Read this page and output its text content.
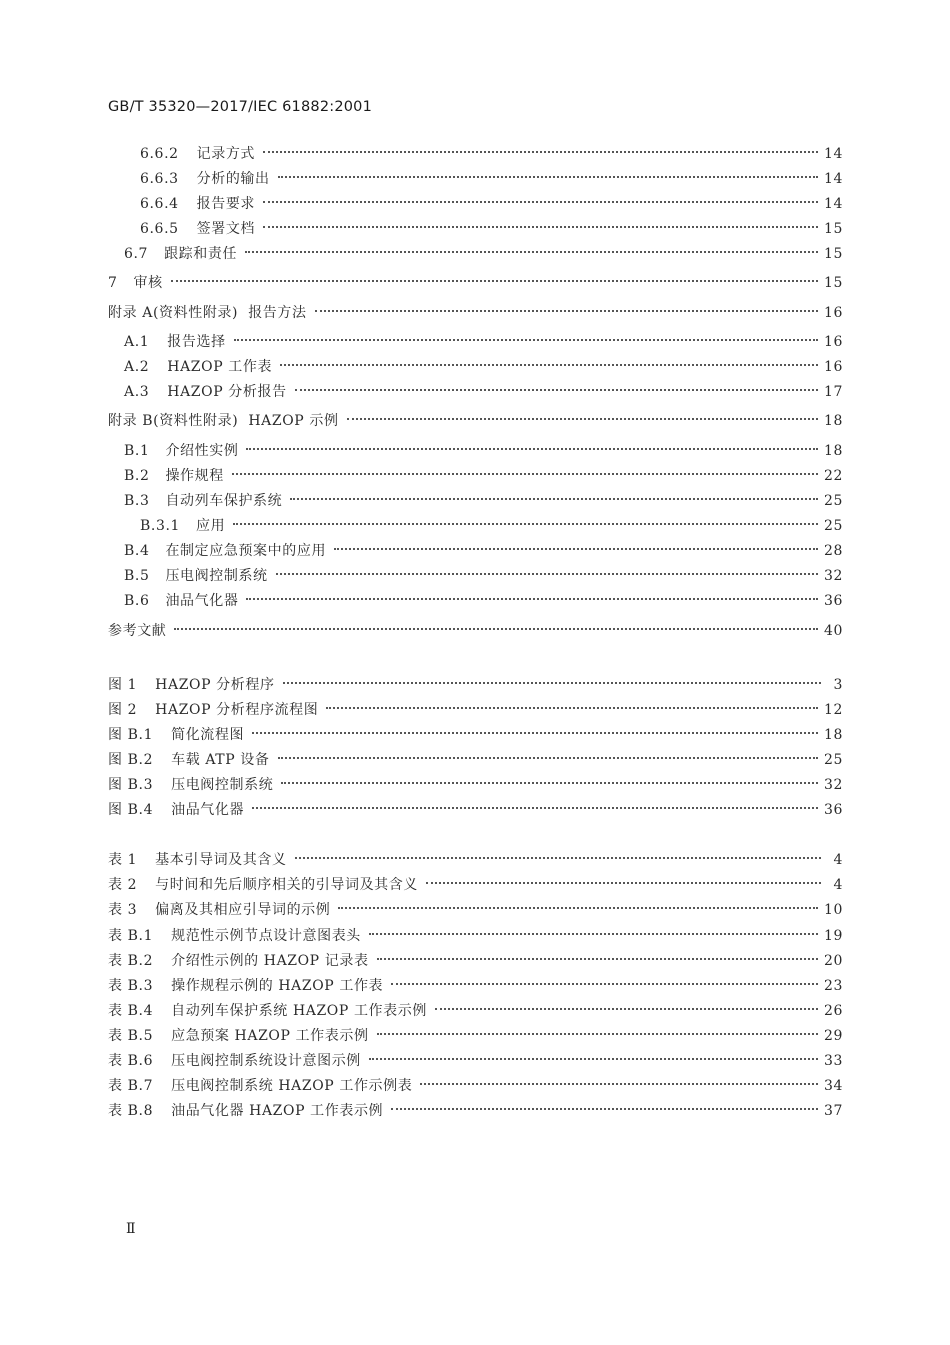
GB/T 35320—2017/IEC 61882:2001
6.6.2 记录方式	14
6.6.3 分析的输出	14
6.6.4 报告要求	14
6.6.5 签署文档	15
6.7 跟踪和责任	15
7 审核	15
附录 A (资料性附录)  报告方法	16
A.1 报告选择	16
A.2 HAZOP 工作表	16
A.3 HAZOP 分析报告	17
附录 B (资料性附录)  HAZOP 示例	18
B.1 介绍性实例	18
B.2 操作规程	22
B.3 自动列车保护系统	25
B.3.1 应用	25
B.4 在制定应急预案中的应用	28
B.5 压电阀控制系统	32
B.6 油品气化器	36
参考文献	40
图 1 HAZOP 分析程序	3
图 2 HAZOP 分析程序流程图	12
图 B.1 简化流程图	18
图 B.2 车载 ATP 设备	25
图 B.3 压电阀控制系统	32
图 B.4 油品气化器	36
表 1 基本引导词及其含义	4
表 2 与时间和先后顺序相关的引导词及其含义	4
表 3 偏离及其相应引导词的示例	10
表 B.1 规范性示例节点设计意图表头	19
表 B.2 介绍性示例的 HAZOP 记录表	20
表 B.3 操作规程示例的 HAZOP 工作表	23
表 B.4 自动列车保护系统 HAZOP 工作表示例	26
表 B.5 应急预案 HAZOP 工作表示例	29
表 B.6 压电阀控制系统设计意图示例	33
表 B.7 压电阀控制系统 HAZOP 工作示例表	34
表 B.8 油品气化器 HAZOP 工作表示例	37
Ⅱ
